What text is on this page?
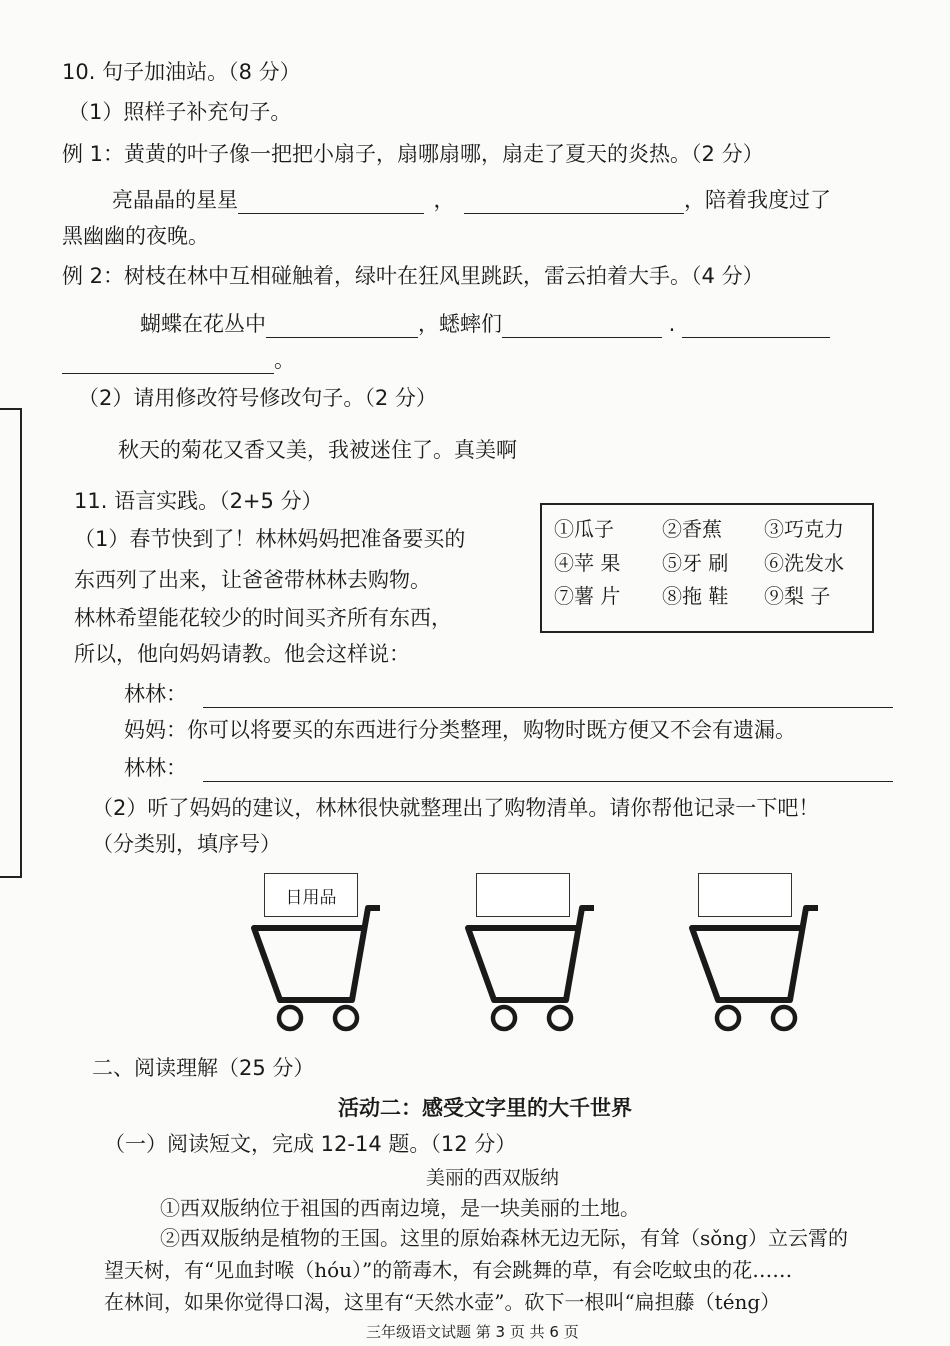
10. 句子加油站。（8 分）
（1）照样子补充句子。
例 1：黄黄的叶子像一把把小扇子，扇哪扇哪，扇走了夏天的炎热。（2 分）
亮晶晶的星星	，	，陪着我度过了
黑幽幽的夜晚。
例 2：树枝在林中互相碰触着，绿叶在狂风里跳跃，雷云拍着大手。（4 分）
蝴蝶在花丛中	，蟋蟀们	.
。
（2）请用修改符号修改句子。（2 分）
秋天的菊花又香又美，我被迷住了。真美啊
11. 语言实践。（2+5 分）
（1）春节快到了！林林妈妈把准备要买的
东西列了出来，让爸爸带林林去购物。
林林希望能花较少的时间买齐所有东西，
所以，他向妈妈请教。他会这样说：
①瓜子 ②香蕉 ③巧克力
④苹 果 ⑤牙 刷 ⑥洗发水
⑦薯 片 ⑧拖 鞋 ⑨梨 子
林林：
妈妈：你可以将要买的东西进行分类整理，购物时既方便又不会有遗漏。
林林：
（2）听了妈妈的建议，林林很快就整理出了购物清单。请你帮他记录一下吧！
（分类别，填序号）
日用品
二、阅读理解（25 分）
活动二：感受文字里的大千世界
（一）阅读短文，完成 12-14 题。（12 分）
美丽的西双版纳
①西双版纳位于祖国的西南边境，是一块美丽的土地。
②西双版纳是植物的王国。这里的原始森林无边无际，有耸（sǒng）立云霄的
望天树，有“见血封喉（hóu）”的箭毒木，有会跳舞的草，有会吃蚊虫的花……
在林间，如果你觉得口渴，这里有“天然水壶”。砍下一根叫“扁担藤（téng）
三年级语文试题 第 3 页 共 6 页
